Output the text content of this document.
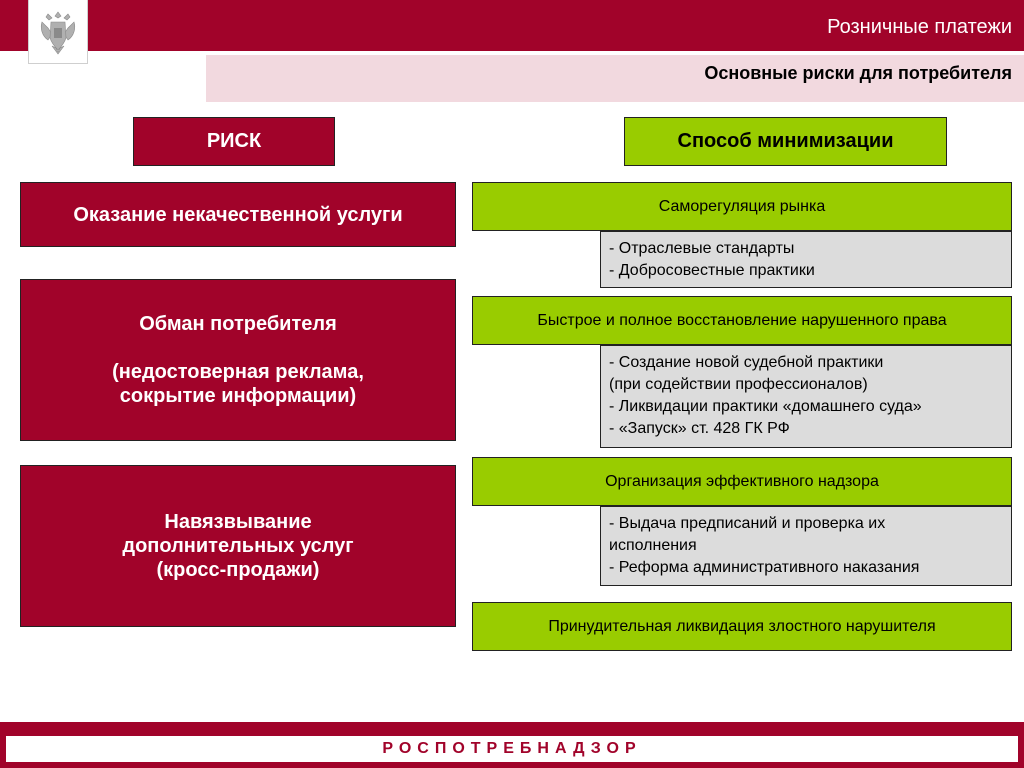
Розничные платежи
Основные риски для потребителя
РИСК	Способ минимизации
Оказание некачественной услуги
Обман потребителя
(недостоверная реклама,
сокрытие информации)
Навязвывание
дополнительных услуг
(кросс-продажи)
Саморегуляция рынка
- Отраслевые стандарты
- Добросовестные практики
Быстрое и полное восстановление нарушенного права
- Создание новой судебной практики
(при содействии профессионалов)
- Ликвидации практики «домашнего суда»
- «Запуск» ст. 428 ГК РФ
Организация эффективного надзора
- Выдача предписаний и проверка их
исполнения
- Реформа административного наказания
Принудительная ликвидация злостного нарушителя
РОСПОТРЕБНАДЗОР
